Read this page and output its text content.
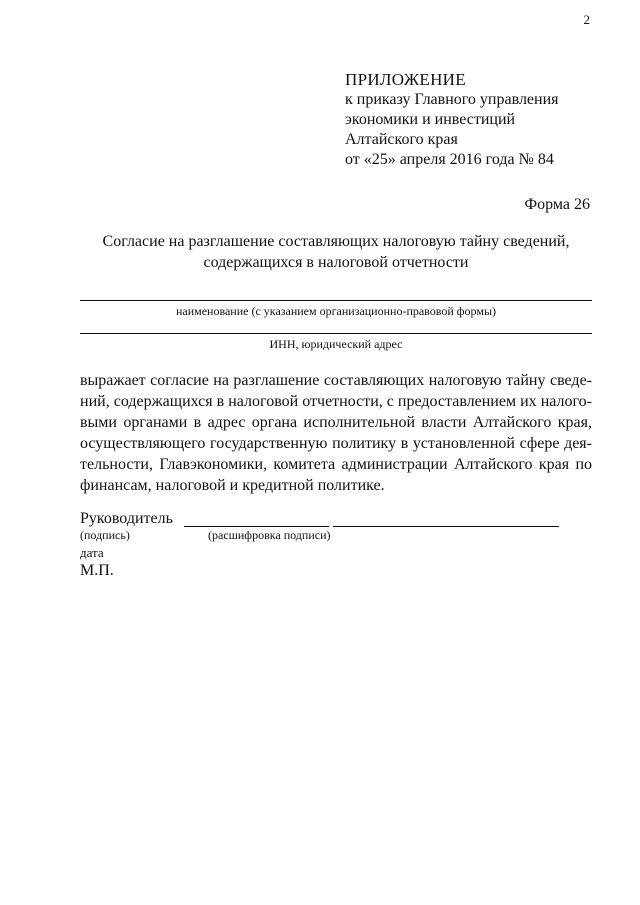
2
ПРИЛОЖЕНИЕ
к приказу Главного управления
экономики и инвестиций
Алтайского края
от «25» апреля 2016 года № 84
Форма 26
Согласие на разглашение составляющих налоговую тайну сведений,
содержащихся в налоговой отчетности
наименование (с указанием организационно-правовой формы)
ИНН, юридический адрес
выражает согласие на разглашение составляющих налоговую тайну сведе-
ний, содержащихся в налоговой отчетности, с предоставлением их налого-
выми органами в адрес органа исполнительной власти Алтайского края,
осуществляющего государственную политику в установленной сфере дея-
тельности, Главэкономики, комитета администрации Алтайского края по
финансам, налоговой и кредитной политике.
Руководитель
(подпись)	(расшифровка подписи)
дата
М.П.
